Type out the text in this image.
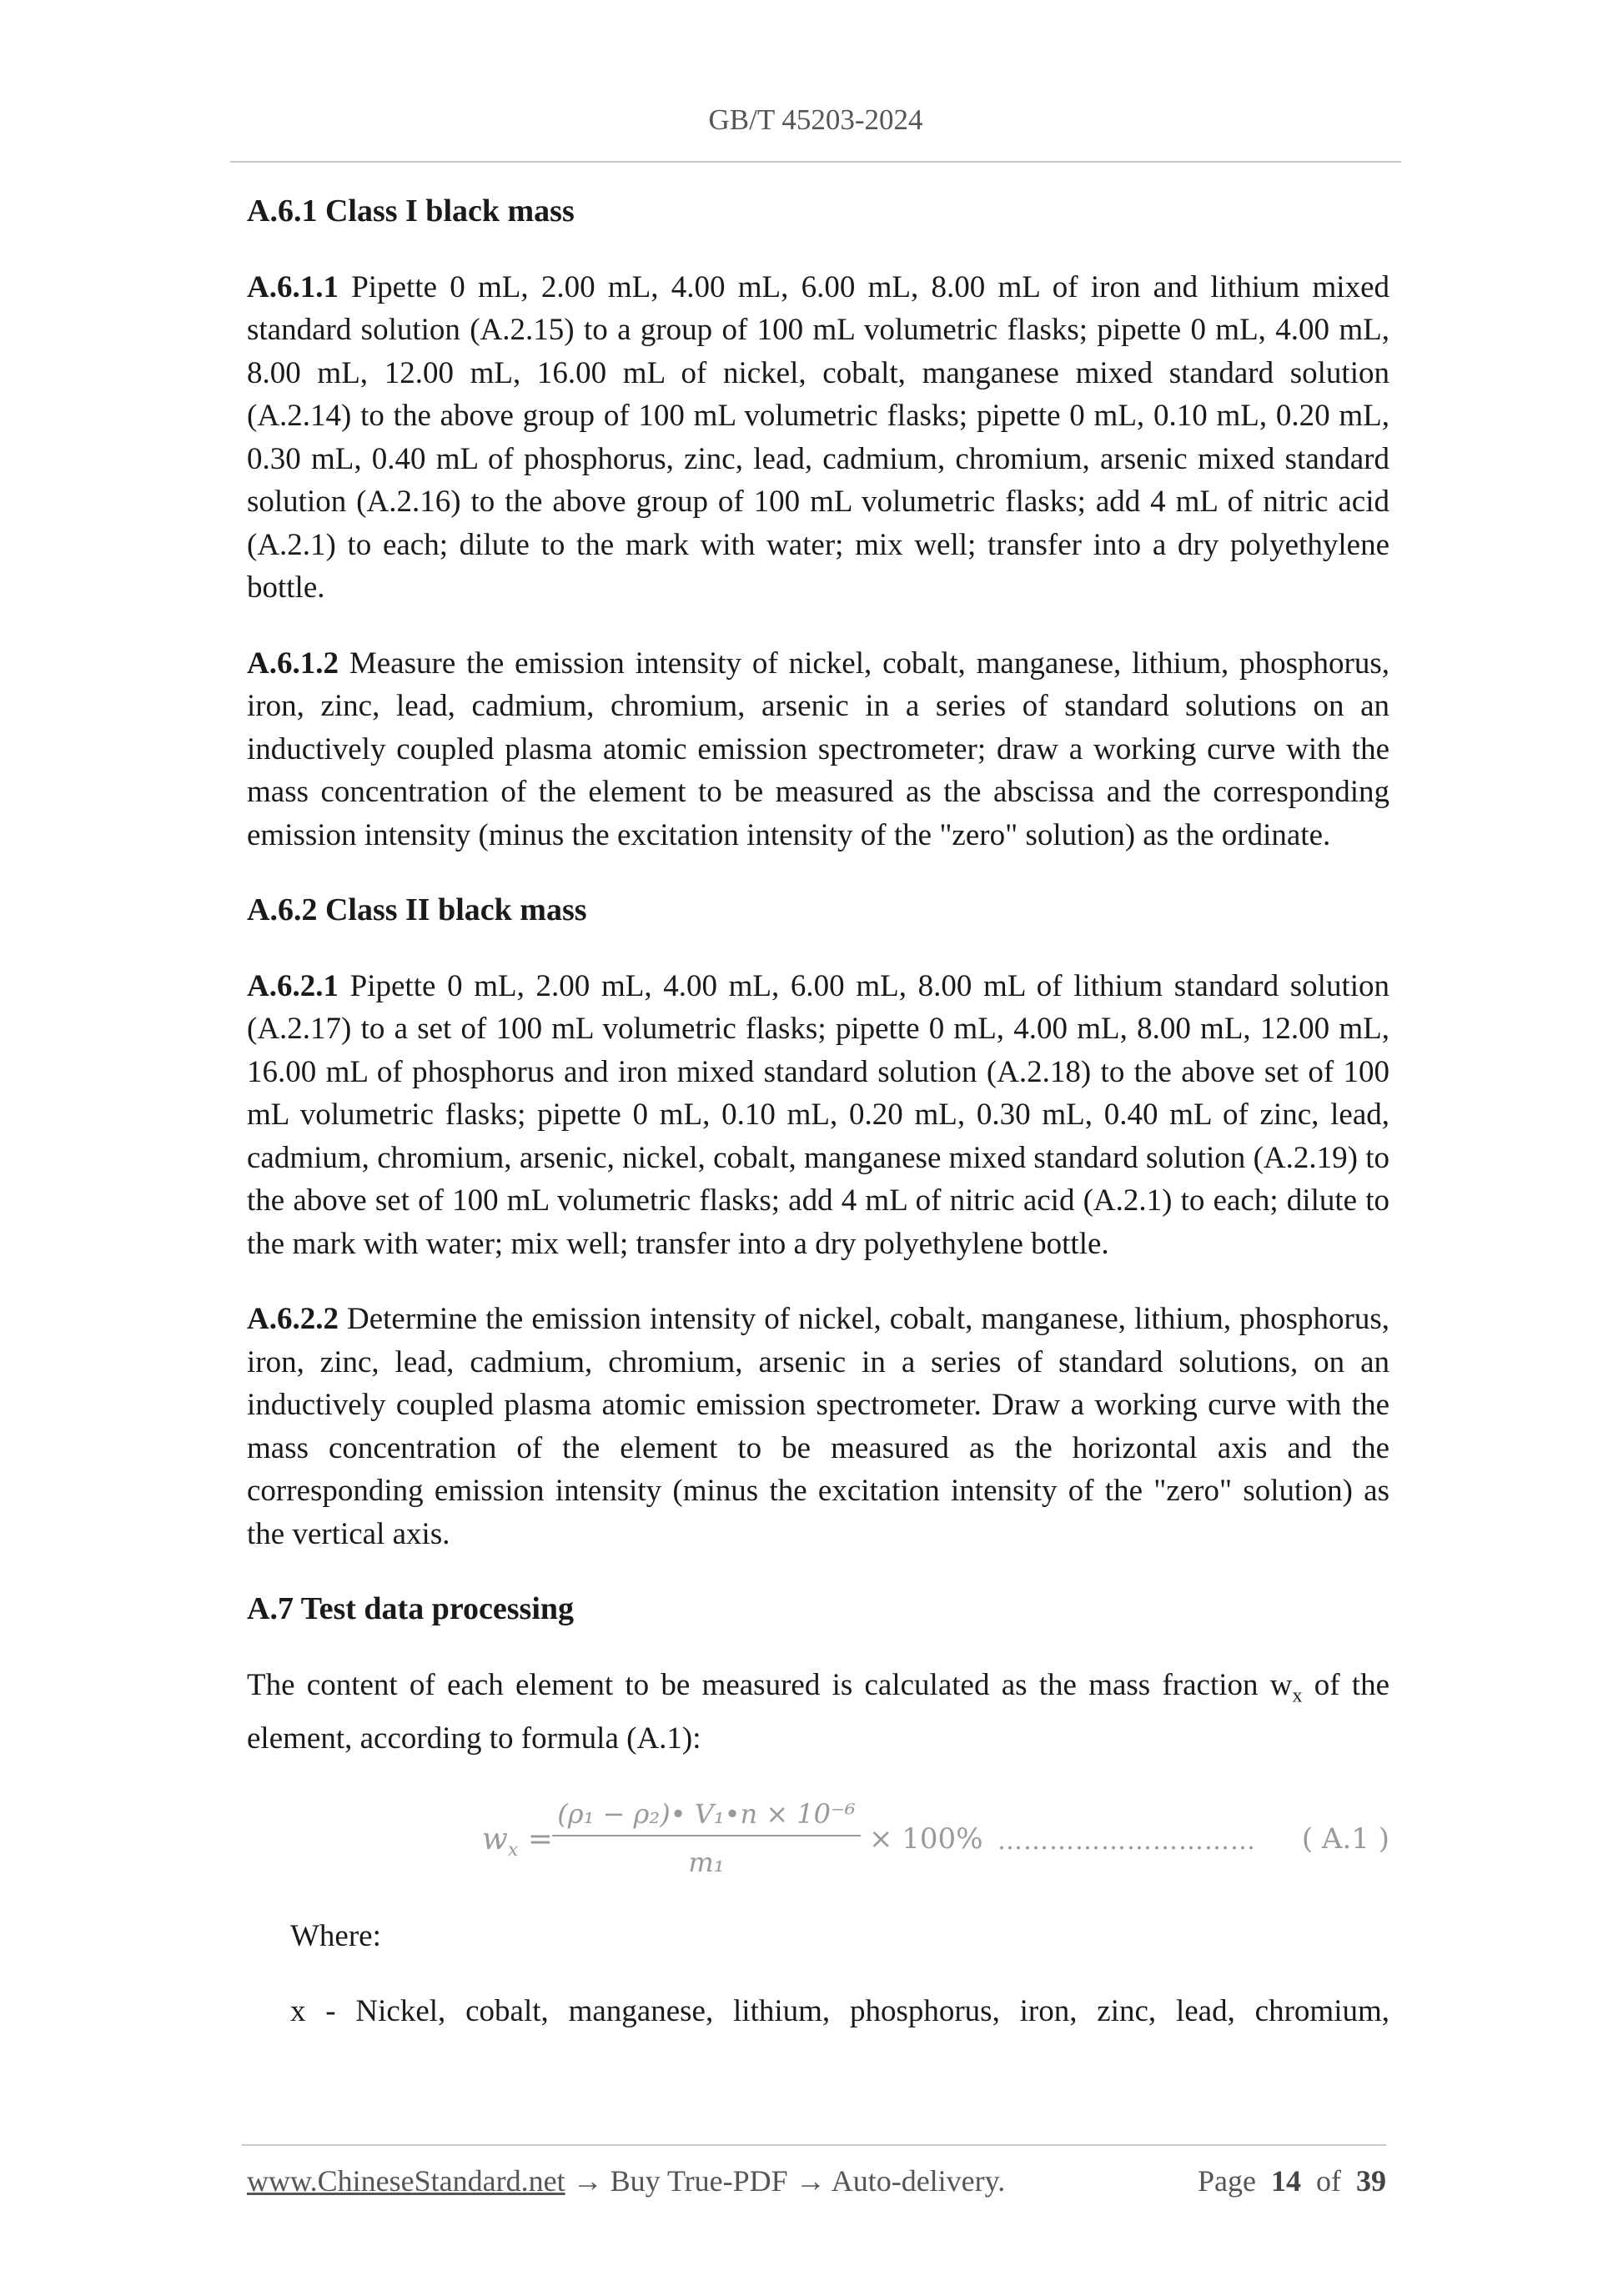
GB/T 45203-2024
A.6.1 Class I black mass

A.6.1.1 Pipette 0 mL, 2.00 mL, 4.00 mL, 6.00 mL, 8.00 mL of iron and lithium mixed standard solution (A.2.15) to a group of 100 mL volumetric flasks; pipette 0 mL, 4.00 mL, 8.00 mL, 12.00 mL, 16.00 mL of nickel, cobalt, manganese mixed standard solution (A.2.14) to the above group of 100 mL volumetric flasks; pipette 0 mL, 0.10 mL, 0.20 mL, 0.30 mL, 0.40 mL of phosphorus, zinc, lead, cadmium, chromium, arsenic mixed standard solution (A.2.16) to the above group of 100 mL volumetric flasks; add 4 mL of nitric acid (A.2.1) to each; dilute to the mark with water; mix well; transfer into a dry polyethylene bottle.

A.6.1.2 Measure the emission intensity of nickel, cobalt, manganese, lithium, phosphorus, iron, zinc, lead, cadmium, chromium, arsenic in a series of standard solutions on an inductively coupled plasma atomic emission spectrometer; draw a working curve with the mass concentration of the element to be measured as the abscissa and the corresponding emission intensity (minus the excitation intensity of the "zero" solution) as the ordinate.

A.6.2 Class II black mass

A.6.2.1 Pipette 0 mL, 2.00 mL, 4.00 mL, 6.00 mL, 8.00 mL of lithium standard solution (A.2.17) to a set of 100 mL volumetric flasks; pipette 0 mL, 4.00 mL, 8.00 mL, 12.00 mL, 16.00 mL of phosphorus and iron mixed standard solution (A.2.18) to the above set of 100 mL volumetric flasks; pipette 0 mL, 0.10 mL, 0.20 mL, 0.30 mL, 0.40 mL of zinc, lead, cadmium, chromium, arsenic, nickel, cobalt, manganese mixed standard solution (A.2.19) to the above set of 100 mL volumetric flasks; add 4 mL of nitric acid (A.2.1) to each; dilute to the mark with water; mix well; transfer into a dry polyethylene bottle.

A.6.2.2 Determine the emission intensity of nickel, cobalt, manganese, lithium, phosphorus, iron, zinc, lead, cadmium, chromium, arsenic in a series of standard solutions, on an inductively coupled plasma atomic emission spectrometer. Draw a working curve with the mass concentration of the element to be measured as the horizontal axis and the corresponding emission intensity (minus the excitation intensity of the "zero" solution) as the vertical axis.

A.7 Test data processing

The content of each element to be measured is calculated as the mass fraction $w_x$ of the element, according to formula (A.1):

$w_x$ =
(ρ₁ − ρ₂)• V₁•n × 10⁻⁶
m₁
× 100% ………………………… ( A.1 )

Where:

x - Nickel, cobalt, manganese, lithium, phosphorus, iron, zinc, lead, chromium,

www.ChineseStandard.net → Buy True-PDF → Auto-delivery.	Page 14 of 39
